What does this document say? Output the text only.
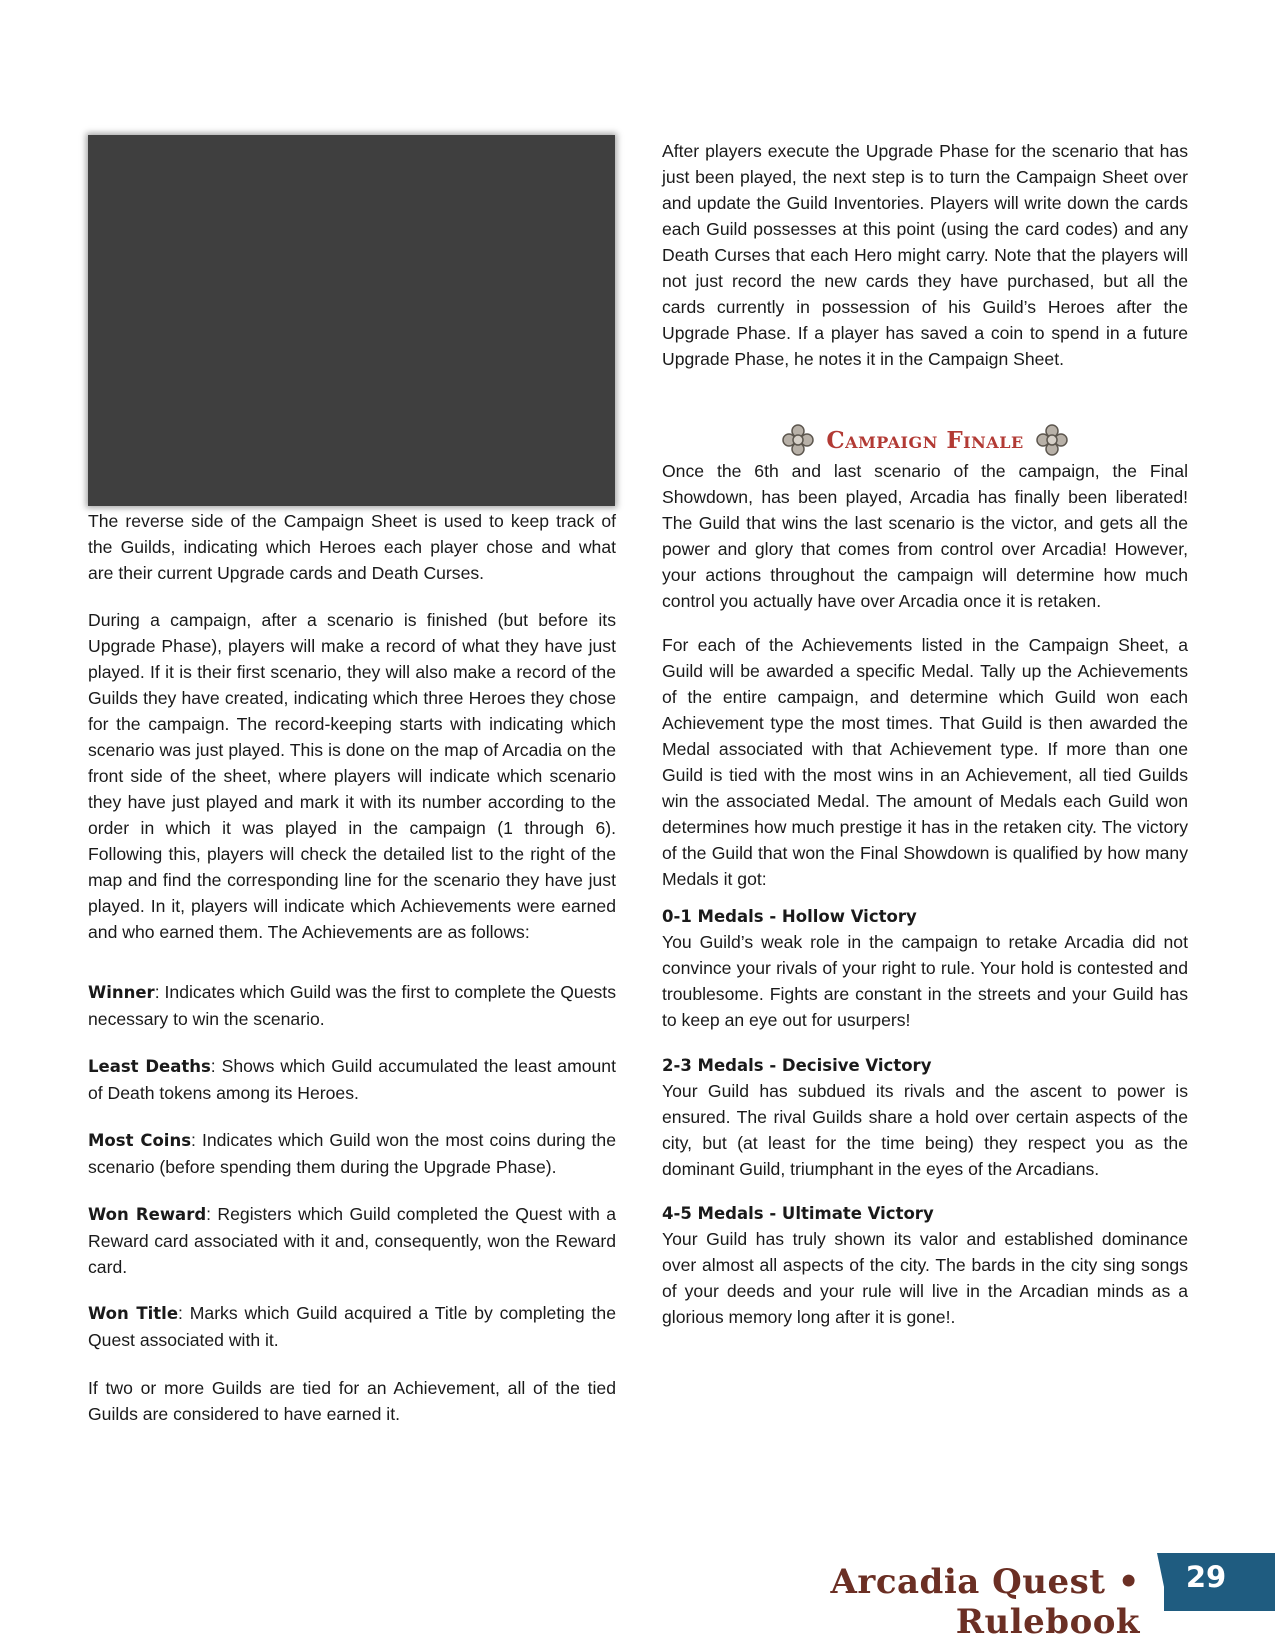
The reverse side of the Campaign Sheet is used to keep track of the Guilds, indicating which Heroes each player chose and what are their current Upgrade cards and Death Curses.

During a campaign, after a scenario is finished (but before its Upgrade Phase), players will make a record of what they have just played. If it is their first scenario, they will also make a record of the Guilds they have created, indicating which three Heroes they chose for the campaign. The record-keeping starts with indicating which scenario was just played. This is done on the map of Arcadia on the front side of the sheet, where players will indicate which scenario they have just played and mark it with its number according to the order in which it was played in the campaign (1 through 6). Following this, players will check the detailed list to the right of the map and find the corresponding line for the scenario they have just played. In it, players will indicate which Achievements were earned and who earned them. The Achievements are as follows:

Winner: Indicates which Guild was the first to complete the Quests necessary to win the scenario.

Least Deaths: Shows which Guild accumulated the least amount of Death tokens among its Heroes.

Most Coins: Indicates which Guild won the most coins during the scenario (before spending them during the Upgrade Phase).

Won Reward: Registers which Guild completed the Quest with a Reward card associated with it and, consequently, won the Reward card.

Won Title: Marks which Guild acquired a Title by completing the Quest associated with it.

If two or more Guilds are tied for an Achievement, all of the tied Guilds are considered to have earned it.

After players execute the Upgrade Phase for the scenario that has just been played, the next step is to turn the Campaign Sheet over and update the Guild Inventories. Players will write down the cards each Guild possesses at this point (using the card codes) and any Death Curses that each Hero might carry. Note that the players will not just record the new cards they have purchased, but all the cards currently in possession of his Guild’s Heroes after the Upgrade Phase. If a player has saved a coin to spend in a future Upgrade Phase, he notes it in the Campaign Sheet.

Once the 6th and last scenario of the campaign, the Final Showdown, has been played, Arcadia has finally been liberated! The Guild that wins the last scenario is the victor, and gets all the power and glory that comes from control over Arcadia! However, your actions throughout the campaign will determine how much control you actually have over Arcadia once it is retaken.

For each of the Achievements listed in the Campaign Sheet, a Guild will be awarded a specific Medal. Tally up the Achievements of the entire campaign, and determine which Guild won each Achievement type the most times. That Guild is then awarded the Medal associated with that Achievement type. If more than one Guild is tied with the most wins in an Achievement, all tied Guilds win the associated Medal. The amount of Medals each Guild won determines how much prestige it has in the retaken city. The victory of the Guild that won the Final Showdown is qualified by how many Medals it got:

0-1 Medals - Hollow Victory

You Guild’s weak role in the campaign to retake Arcadia did not convince your rivals of your right to rule. Your hold is contested and troublesome. Fights are constant in the streets and your Guild has to keep an eye out for usurpers!

2-3 Medals - Decisive Victory

Your Guild has subdued its rivals and the ascent to power is ensured. The rival Guilds share a hold over certain aspects of the city, but (at least for the time being) they respect you as the dominant Guild, triumphant in the eyes of the Arcadians.

4-5 Medals - Ultimate Victory

Your Guild has truly shown its valor and established dominance over almost all aspects of the city. The bards in the city sing songs of your deeds and your rule will live in the Arcadian minds as a glorious memory long after it is gone!.

Campaign Finale
Arcadia Quest • Rulebook
29
